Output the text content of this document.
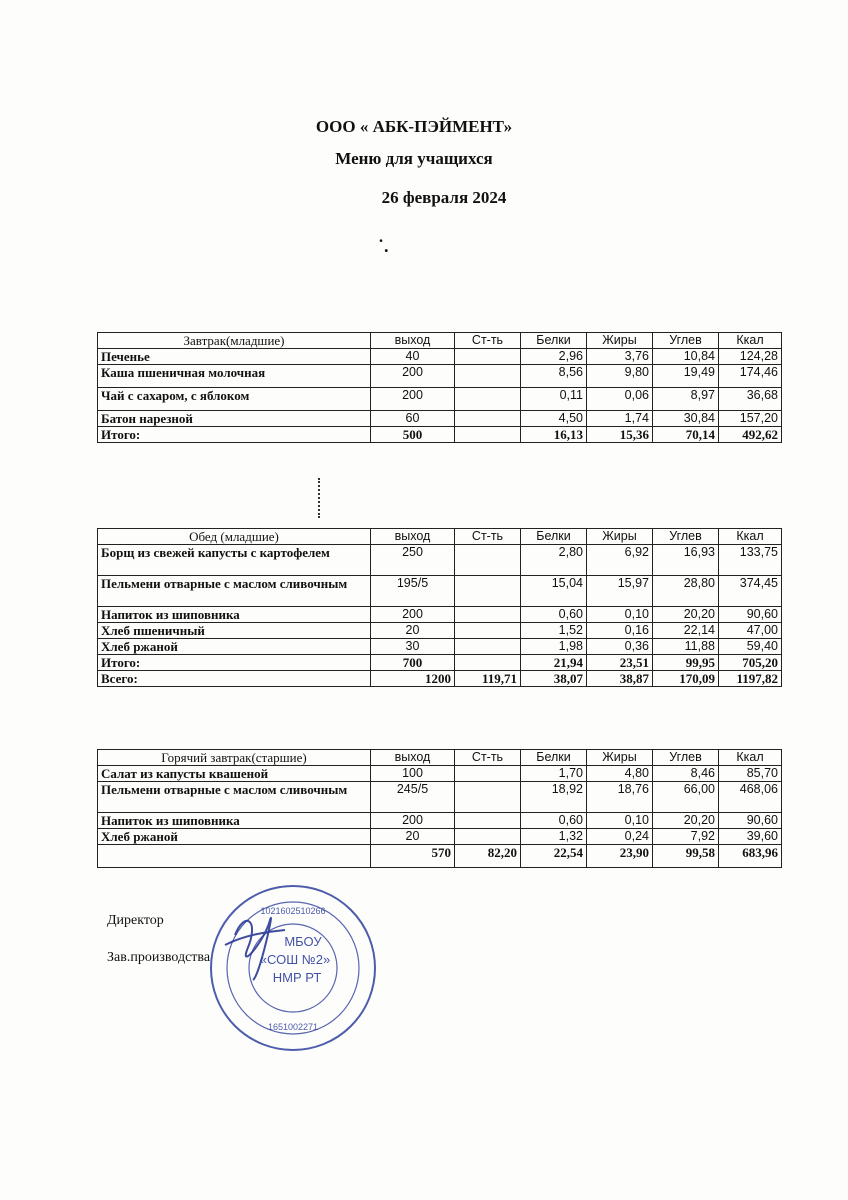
ООО « АБК-ПЭЙМЕНТ»
Меню для учащихся
26 февраля 2024
˙.
Завтрак(младшие)	выход	Ст-ть	Белки	Жиры	Углев	Ккал
Печенье	40		2,96	3,76	10,84	124,28
Каша пшеничная молочная	200		8,56	9,80	19,49	174,46
Чай с сахаром, с яблоком	200		0,11	0,06	8,97	36,68
Батон нарезной	60		4,50	1,74	30,84	157,20
Итого:	500		16,13	15,36	70,14	492,62
Обед (младшие)	выход	Ст-ть	Белки	Жиры	Углев	Ккал
Борщ из свежей капусты с картофелем	250		2,80	6,92	16,93	133,75
Пельмени отварные с маслом сливочным	195/5		15,04	15,97	28,80	374,45
Напиток из шиповника	200		0,60	0,10	20,20	90,60
Хлеб пшеничный	20		1,52	0,16	22,14	47,00
Хлеб ржаной	30		1,98	0,36	11,88	59,40
Итого:	700		21,94	23,51	99,95	705,20
Всего:	1200	119,71	38,07	38,87	170,09	1197,82
Горячий завтрак(старшие)	выход	Ст-ть	Белки	Жиры	Углев	Ккал
Салат из капусты квашеной	100		1,70	4,80	8,46	85,70
Пельмени отварные с маслом сливочным	245/5		18,92	18,76	66,00	468,06
Напиток из шиповника	200		0,60	0,10	20,20	90,60
Хлеб ржаной	20		1,32	0,24	7,92	39,60
	570	82,20	22,54	23,90	99,58	683,96
Директор
Зав.производства
1021602510266
МБОУ
«СОШ №2»
НМР РТ
1651002271
